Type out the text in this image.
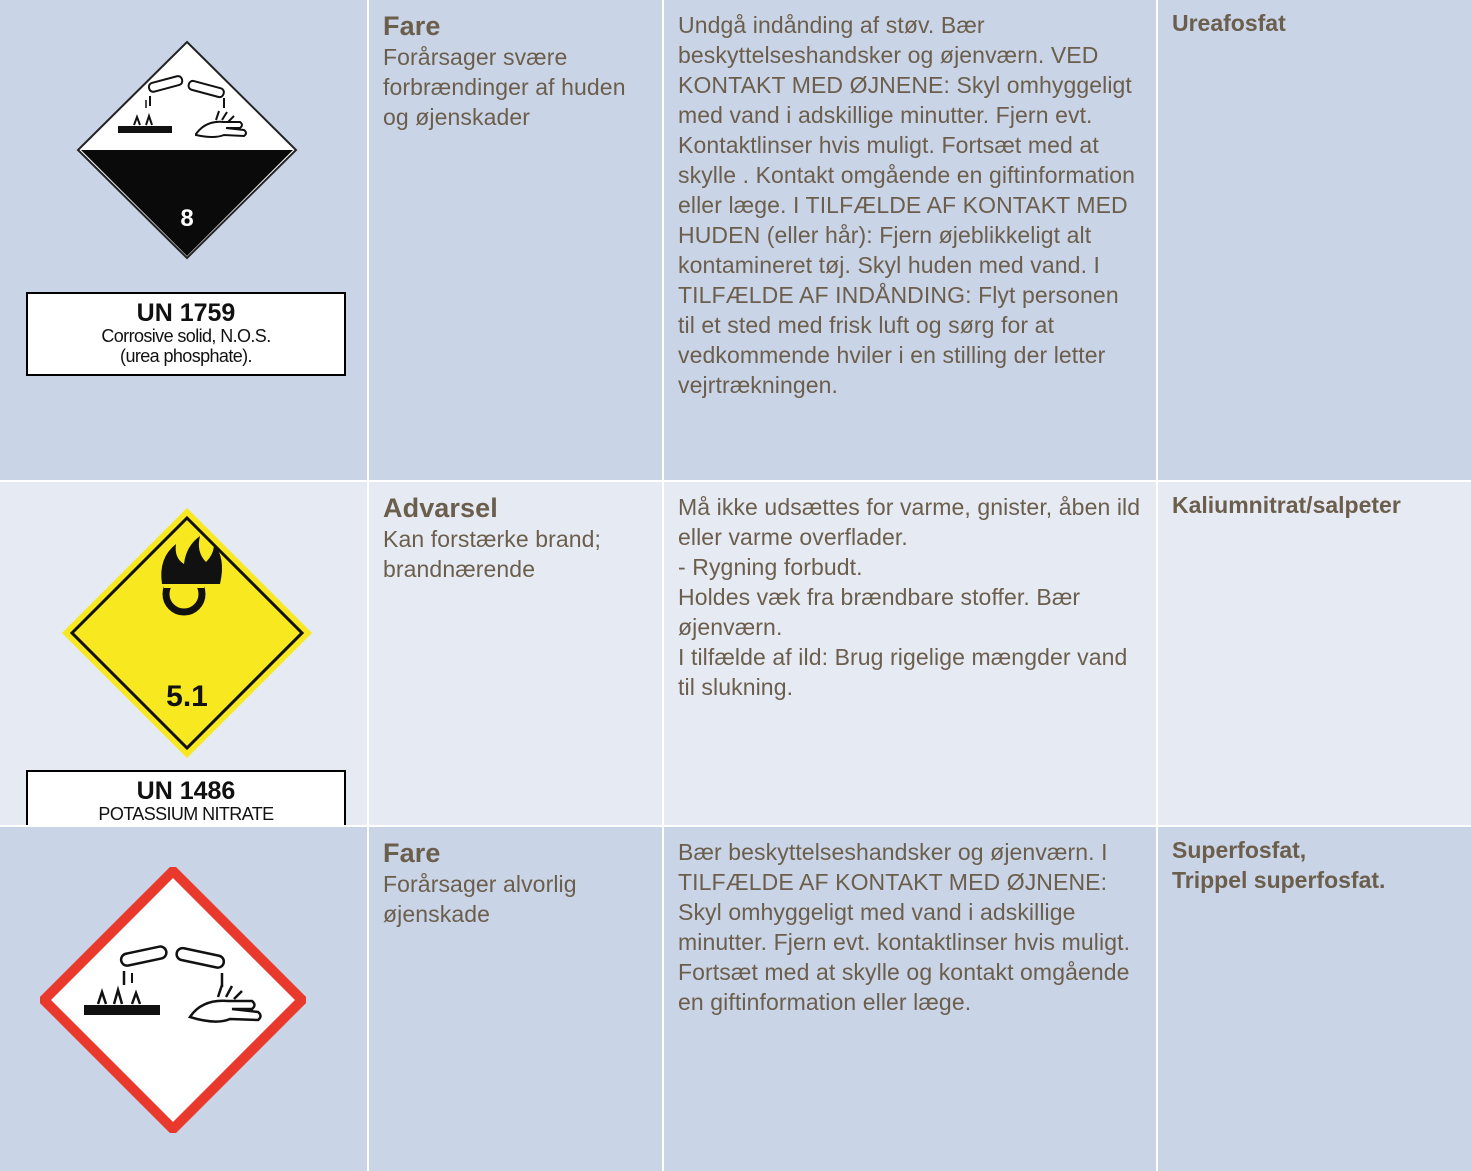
8
UN 1759
Corrosive solid, N.O.S.
(urea phosphate).
Fare
Forårsager svære forbrændinger af huden og øjenskader
Undgå indånding af støv. Bær beskyttelseshandsker og øjenværn. VED KONTAKT MED ØJNENE: Skyl omhyggeligt med vand i adskillige minutter. Fjern evt. Kontaktlinser hvis muligt. Fortsæt med at skylle . Kontakt omgående en giftinformation eller læge. I TILFÆLDE AF KONTAKT MED HUDEN (eller hår): Fjern øjeblikkeligt alt kontamineret tøj. Skyl huden med vand. I TILFÆLDE AF INDÅNDING: Flyt personen til et sted med frisk luft og sørg for at vedkommende hviler i en stilling der letter vejrtrækningen.
Ureafosfat
5.1
UN 1486
POTASSIUM NITRATE
Advarsel
Kan forstærke brand; brandnærende
Må ikke udsættes for varme, gnister, åben ild eller varme overflader.
- Rygning forbudt.
Holdes væk fra brændbare stoffer. Bær øjenværn.
I tilfælde af ild: Brug rigelige mængder vand til slukning.
Kaliumnitrat/salpeter
Fare
Forårsager alvorlig øjenskade
Bær beskyttelseshandsker og øjenværn. I TILFÆLDE AF KONTAKT MED ØJNENE: Skyl omhyggeligt med vand i adskillige minutter. Fjern evt. kontaktlinser hvis muligt. Fortsæt med at skylle og kontakt omgående en giftinformation eller læge.
Superfosfat,
Trippel superfosfat.
